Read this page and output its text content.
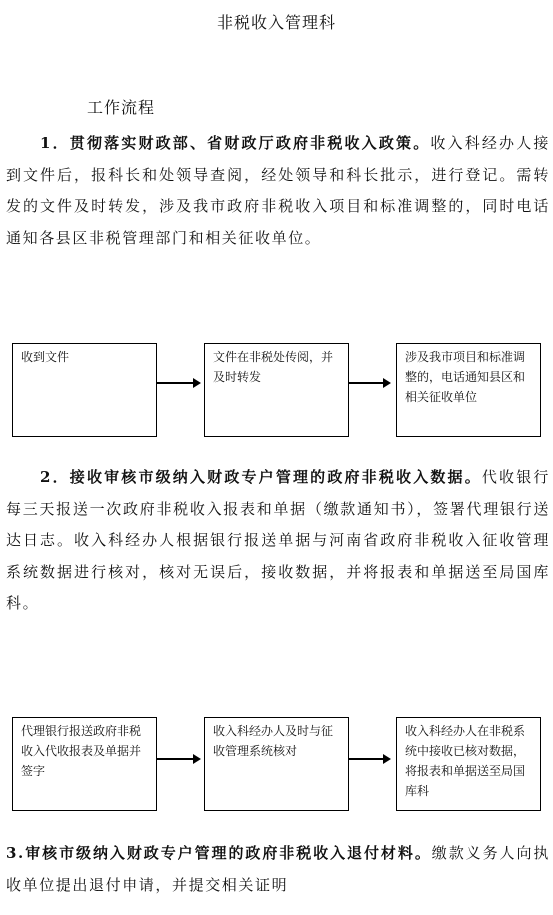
非税收入管理科
工作流程
1．贯彻落实财政部、省财政厅政府非税收入政策。收入科经办人接到文件后，报科长和处领导查阅，经处领导和科长批示，进行登记。需转发的文件及时转发，涉及我市政府非税收入项目和标准调整的，同时电话通知各县区非税管理部门和相关征收单位。
收到文件	文件在非税处传阅，并及时转发
涉及我市项目和标准调整的，电话通知县区和相关征收单位
2．接收审核市级纳入财政专户管理的政府非税收入数据。代收银行每三天报送一次政府非税收入报表和单据（缴款通知书），签署代理银行送达日志。收入科经办人根据银行报送单据与河南省政府非税收入征收管理系统数据进行核对，核对无误后，接收数据，并将报表和单据送至局国库科。
代理银行报送政府非税收入代收报表及单据并签字
收入科经办人及时与征收管理系统核对
收入科经办人在非税系统中接收已核对数据，将报表和单据送至局国库科
3.审核市级纳入财政专户管理的政府非税收入退付材料。缴款义务人向执收单位提出退付申请，并提交相关证明
